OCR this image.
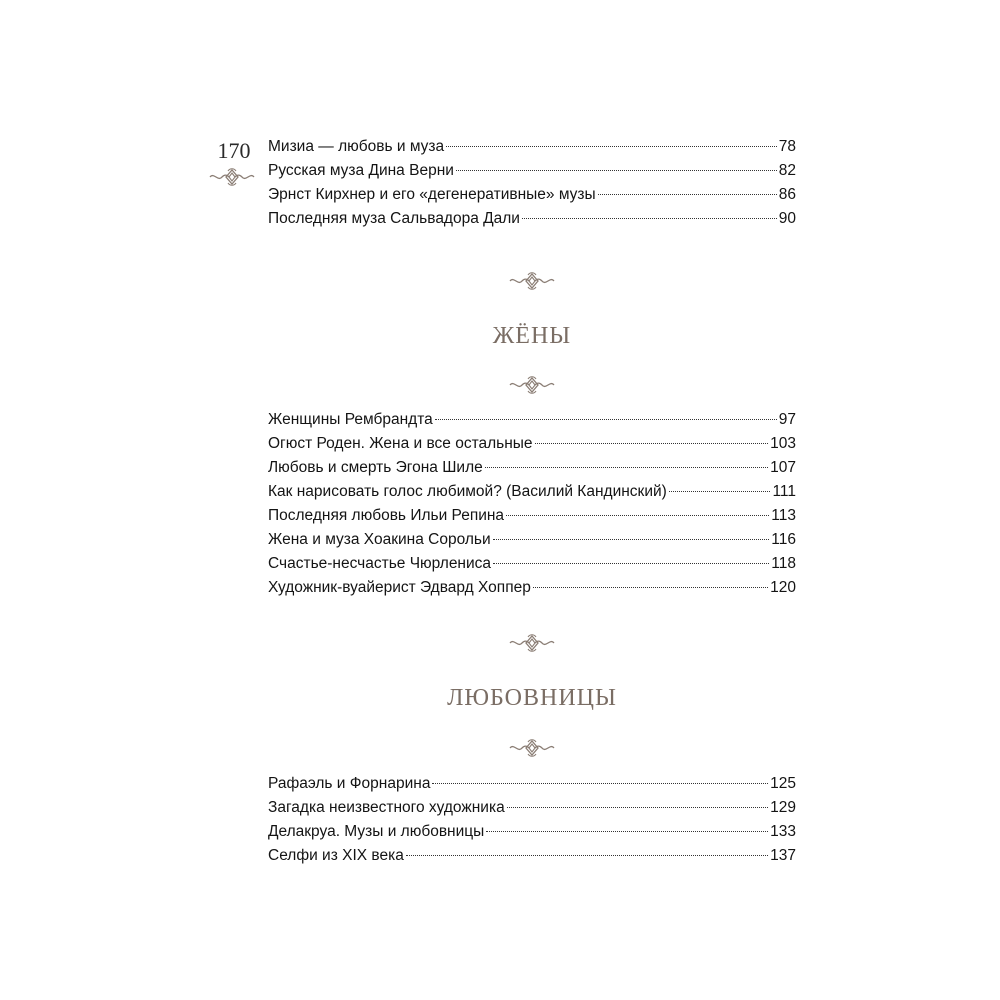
170	Мизиа — любовь и муза	78
Русская муза Дина Верни	82
Эрнст Кирхнер и его «дегенеративные» музы	86
Последняя муза Сальвадора Дали	90
ЖЁНЫ
Женщины Рембрандта	97
Огюст Роден. Жена и все остальные	103
Любовь и смерть Эгона Шиле	107
Как нарисовать голос любимой? (Василий Кандинский)	111
Последняя любовь Ильи Репина	113
Жена и муза Хоакина Сорольи	116
Счастье-несчастье Чюрлениса	118
Художник-вуайерист Эдвард Хоппер	120
ЛЮБОВНИЦЫ
Рафаэль и Форнарина	125
Загадка неизвестного художника	129
Делакруа. Музы и любовницы	133
Селфи из XIX века	137
